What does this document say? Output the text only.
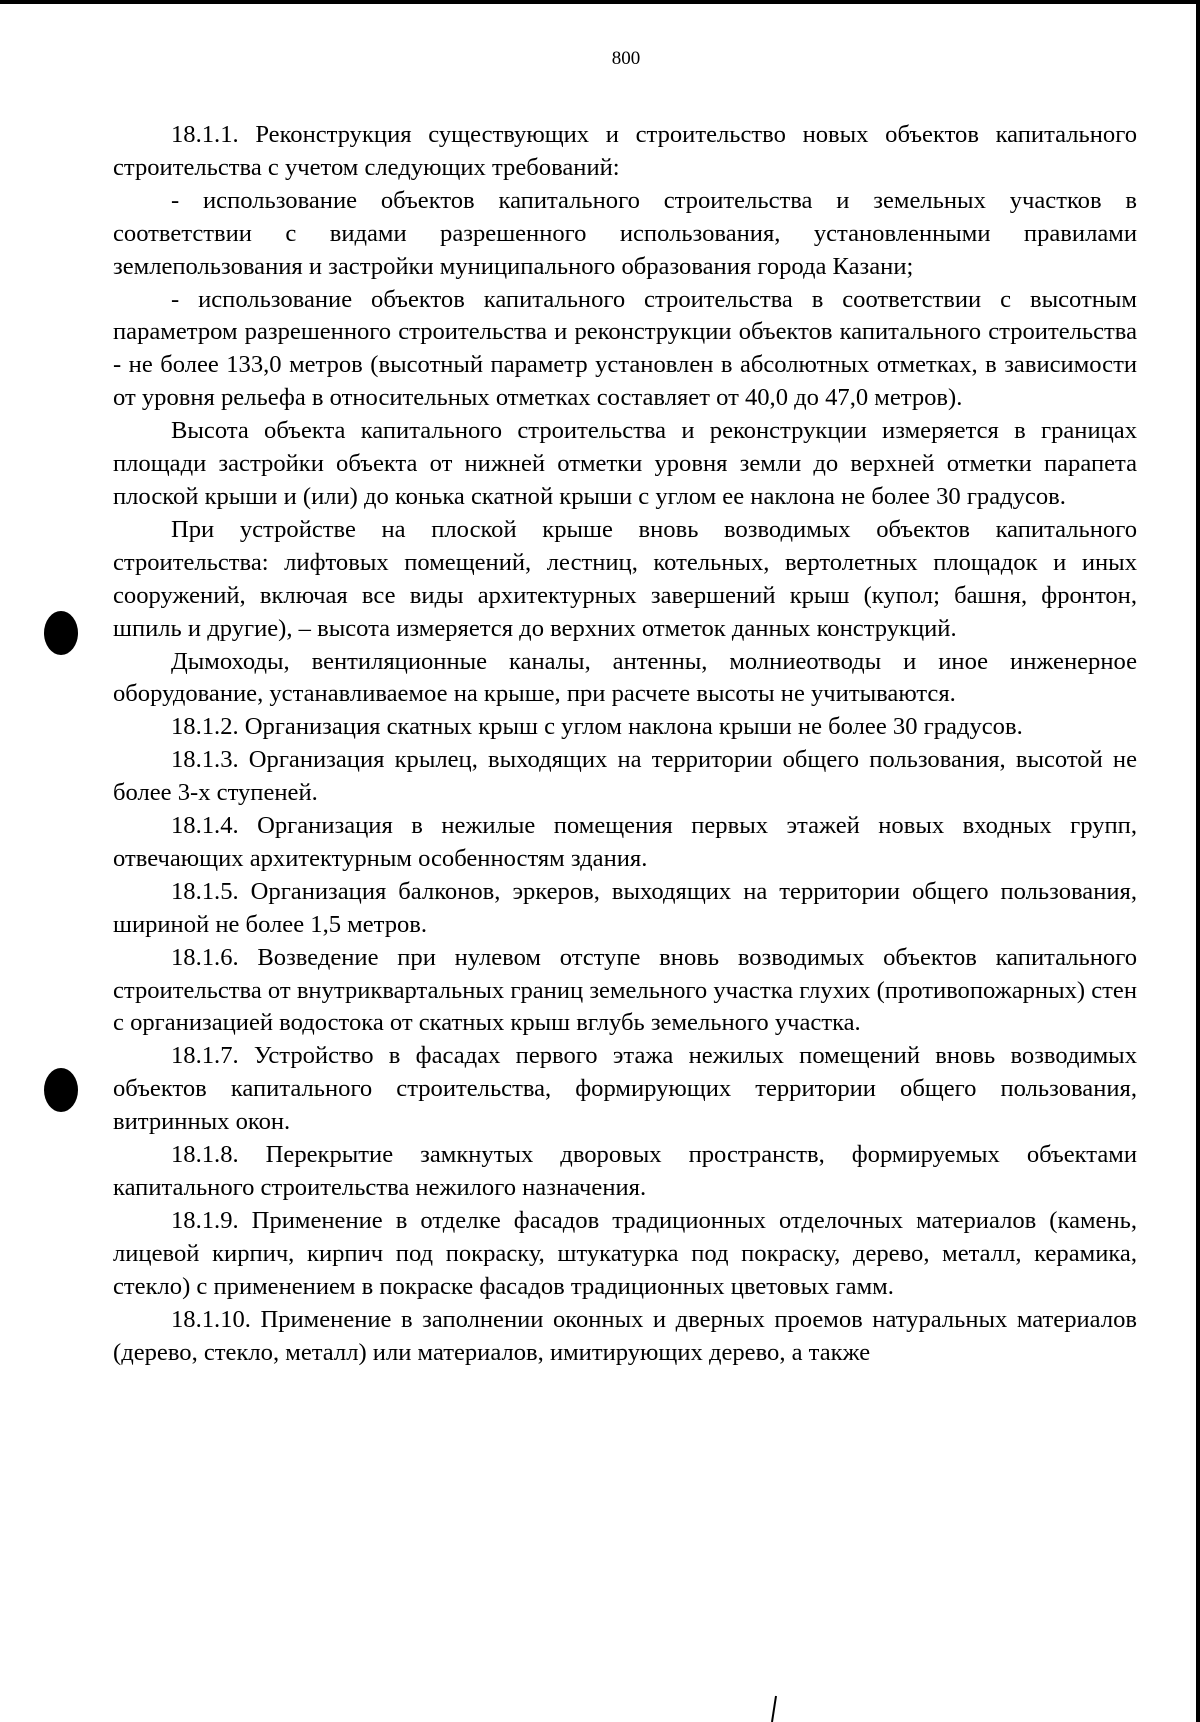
800

18.1.1. Реконструкция существующих и строительство новых объектов капитального строительства с учетом следующих требований:

- использование объектов капитального строительства и земельных участков в соответствии с видами разрешенного использования, установленными правилами землепользования и застройки муниципального образования города Казани;

- использование объектов капитального строительства в соответствии с высотным параметром разрешенного строительства и реконструкции объектов капитального строительства - не более 133,0 метров (высотный параметр установлен в абсолютных отметках, в зависимости от уровня рельефа в относительных отметках составляет от 40,0 до 47,0 метров).

Высота объекта капитального строительства и реконструкции измеряется в границах площади застройки объекта от нижней отметки уровня земли до верхней отметки парапета плоской крыши и (или) до конька скатной крыши с углом ее наклона не более 30 градусов.

При устройстве на плоской крыше вновь возводимых объектов капитального строительства: лифтовых помещений, лестниц, котельных, вертолетных площадок и иных сооружений, включая все виды архитектурных завершений крыш (купол; башня, фронтон, шпиль и другие), – высота измеряется до верхних отметок данных конструкций.

Дымоходы, вентиляционные каналы, антенны, молниеотводы и иное инженерное оборудование, устанавливаемое на крыше, при расчете высоты не учитываются.

18.1.2. Организация скатных крыш с углом наклона крыши не более 30 градусов.

18.1.3. Организация крылец, выходящих на территории общего пользования, высотой не более 3-х ступеней.

18.1.4. Организация в нежилые помещения первых этажей новых входных групп, отвечающих архитектурным особенностям здания.

18.1.5. Организация балконов, эркеров, выходящих на территории общего пользования, шириной не более 1,5 метров.

18.1.6. Возведение при нулевом отступе вновь возводимых объектов капитального строительства от внутриквартальных границ земельного участка глухих (противопожарных) стен с организацией водостока от скатных крыш вглубь земельного участка.

18.1.7. Устройство в фасадах первого этажа нежилых помещений вновь возводимых объектов капитального строительства, формирующих территории общего пользования, витринных окон.

18.1.8. Перекрытие замкнутых дворовых пространств, формируемых объектами капитального строительства нежилого назначения.

18.1.9. Применение в отделке фасадов традиционных отделочных материалов (камень, лицевой кирпич, кирпич под покраску, штукатурка под покраску, дерево, металл, керамика, стекло) с применением в покраске фасадов традиционных цветовых гамм.

18.1.10. Применение в заполнении оконных и дверных проемов натуральных материалов (дерево, стекло, металл) или материалов, имитирующих дерево, а также
